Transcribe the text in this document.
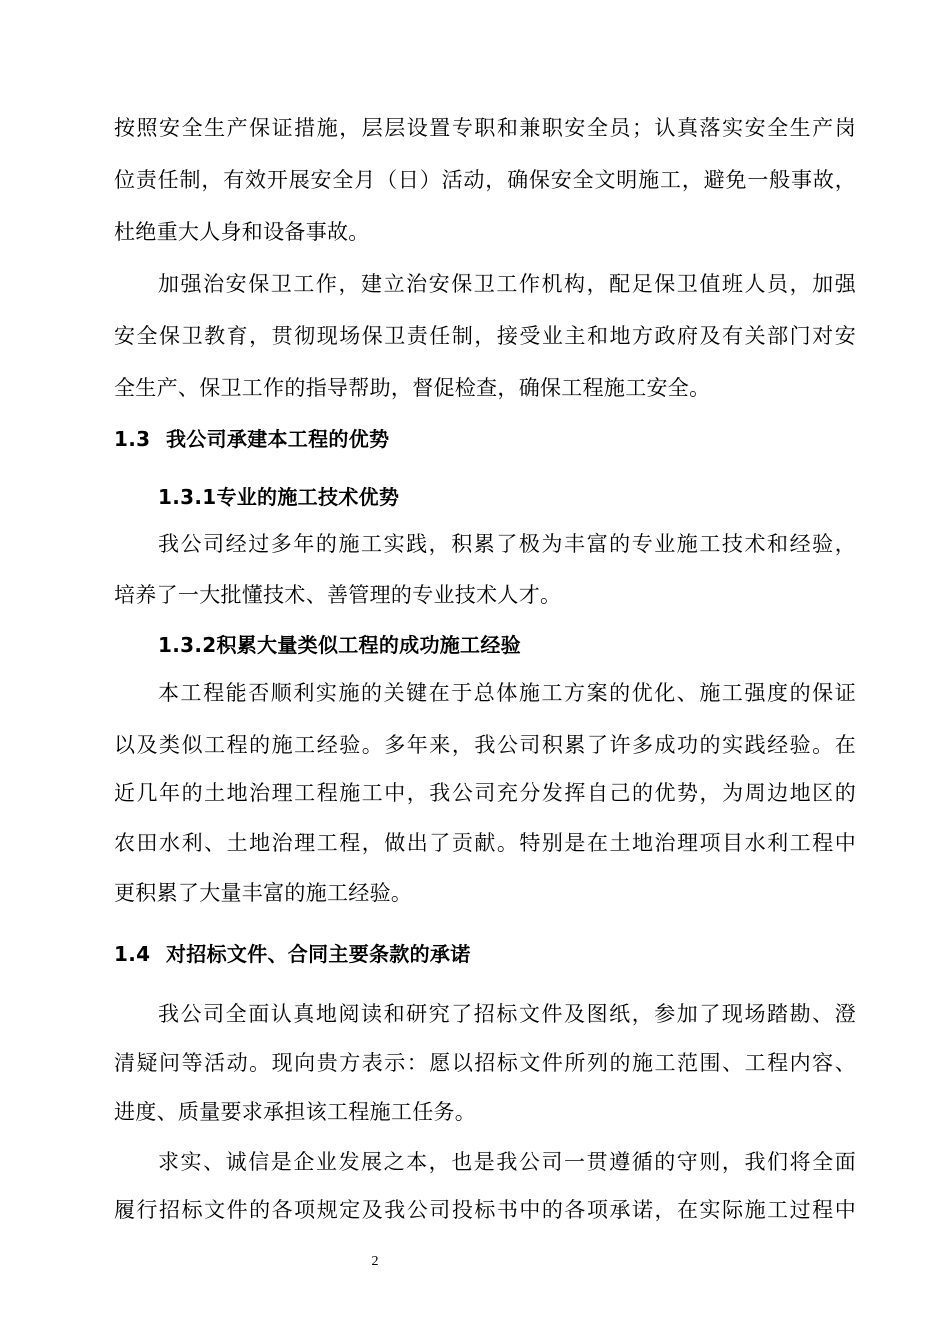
按照安全生产保证措施，层层设置专职和兼职安全员；认真落实安全生产岗
位责任制，有效开展安全月（日）活动，确保安全文明施工，避免一般事故，
杜绝重大人身和设备事故。
加强治安保卫工作，建立治安保卫工作机构，配足保卫值班人员，加强
安全保卫教育，贯彻现场保卫责任制，接受业主和地方政府及有关部门对安
全生产、保卫工作的指导帮助，督促检查，确保工程施工安全。
1.3 我公司承建本工程的优势
1.3.1专业的施工技术优势
我公司经过多年的施工实践，积累了极为丰富的专业施工技术和经验，
培养了一大批懂技术、善管理的专业技术人才。
1.3.2积累大量类似工程的成功施工经验
本工程能否顺利实施的关键在于总体施工方案的优化、施工强度的保证
以及类似工程的施工经验。多年来，我公司积累了许多成功的实践经验。在
近几年的土地治理工程施工中，我公司充分发挥自己的优势，为周边地区的
农田水利、土地治理工程，做出了贡献。特别是在土地治理项目水利工程中
更积累了大量丰富的施工经验。
1.4 对招标文件、合同主要条款的承诺
我公司全面认真地阅读和研究了招标文件及图纸，参加了现场踏勘、澄
清疑问等活动。现向贵方表示：愿以招标文件所列的施工范围、工程内容、
进度、质量要求承担该工程施工任务。
求实、诚信是企业发展之本，也是我公司一贯遵循的守则，我们将全面
履行招标文件的各项规定及我公司投标书中的各项承诺，在实际施工过程中
2
